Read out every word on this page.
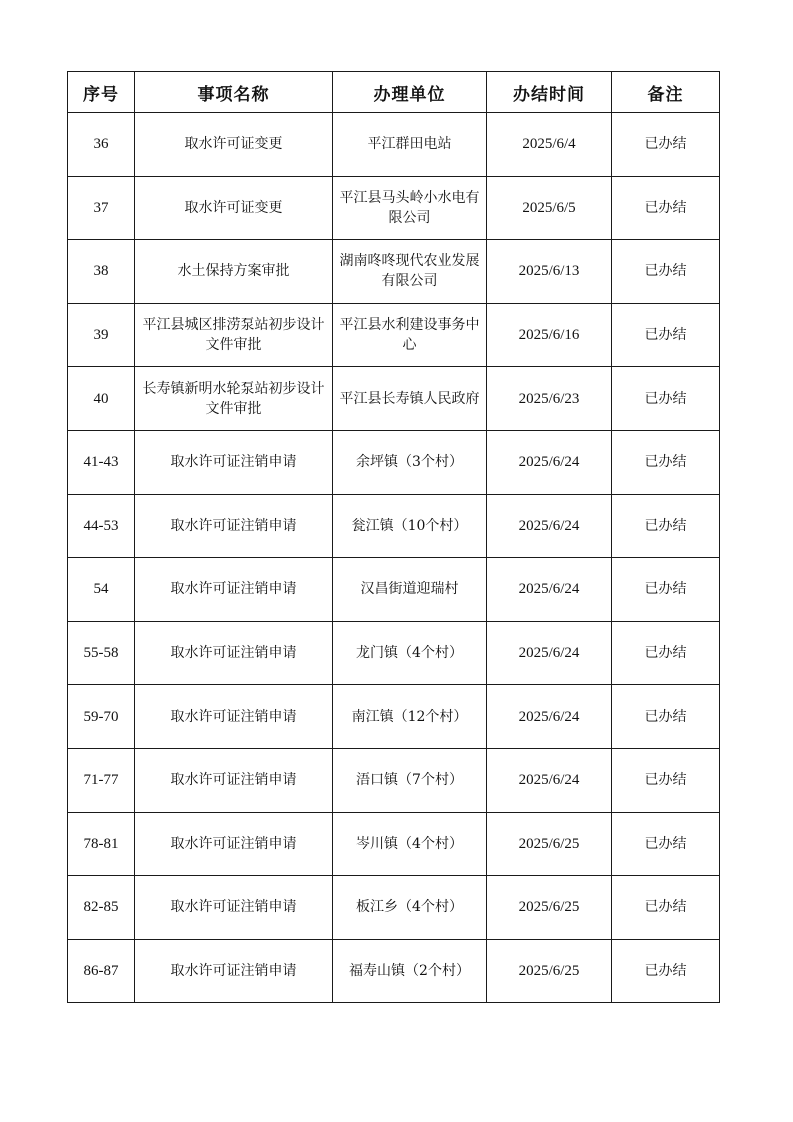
序号	事项名称	办理单位	办结时间	备注
36	取水许可证变更	平江群田电站	2025/6/4	已办结
37	取水许可证变更	平江县马头岭小水电有限公司	2025/6/5	已办结
38	水土保持方案审批	湖南咚咚现代农业发展有限公司	2025/6/13	已办结
39	平江县城区排涝泵站初步设计文件审批	平江县水利建设事务中心	2025/6/16	已办结
40	长寿镇新明水轮泵站初步设计文件审批	平江县长寿镇人民政府	2025/6/23	已办结
41-43	取水许可证注销申请	余坪镇（3个村）	2025/6/24	已办结
44-53	取水许可证注销申请	瓮江镇（10个村）	2025/6/24	已办结
54	取水许可证注销申请	汉昌街道迎瑞村	2025/6/24	已办结
55-58	取水许可证注销申请	龙门镇（4个村）	2025/6/24	已办结
59-70	取水许可证注销申请	南江镇（12个村）	2025/6/24	已办结
71-77	取水许可证注销申请	浯口镇（7个村）	2025/6/24	已办结
78-81	取水许可证注销申请	岑川镇（4个村）	2025/6/25	已办结
82-85	取水许可证注销申请	板江乡（4个村）	2025/6/25	已办结
86-87	取水许可证注销申请	福寿山镇（2个村）	2025/6/25	已办结
